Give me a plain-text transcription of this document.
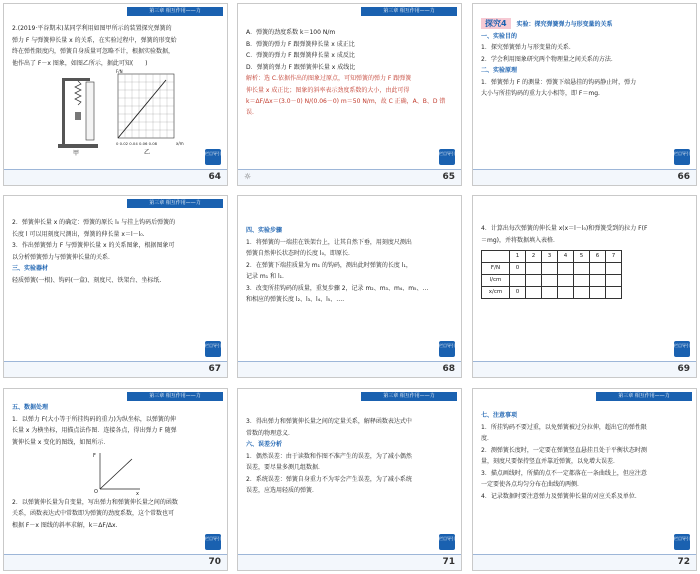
第三章 相互作用——力

2.(2019·平谷期末)某同学利用如图甲所示的装置探究弹簧的

弹力 F 与弹簧伸长量 x 的关系，在实验过程中，弹簧的形变始

终在弹性限度内，弹簧自身质量可忽略不计，根据实验数据，

他作出了 F－x 图象，如图乙所示，据此可知(　　)

甲
F/N
0 0.02 0.04 0.06 0.08	x/m
乙	栏目导引
64
第三章 相互作用——力

A．弹簧的劲度系数 k＝100 N/m

B．弹簧的弹力 F 跟弹簧伸长量 x 成正比

C．弹簧的弹力 F 跟弹簧伸长量 x 成反比

D．弹簧的弹力 F 跟弹簧伸长量 x 成线比

解析：选 C.依据作出的图象过原点，可知弹簧的弹力 F 跟弹簧

伸长量 x 成正比；图象的斜率表示劲度系数的大小，由此可得

k＝ΔF/Δx＝(3.0－0) N/(0.06－0) m＝50 N/m，故 C 正确，A、B、D 错误.

栏目导引
☼	65

探究4 实验：探究弹簧弹力与形变量的关系

一、实验目的

1．探究弹簧弹力与形变量的关系．

2．学会利用图象研究两个物理量之间关系的方法．

二、实验原理

1．弹簧弹力 F 的测量：弹簧下端悬挂的钩码静止时，弹力

大小与所挂钩码的重力大小相等，即 F＝mg.

栏目导引
66
第三章 相互作用——力

2．弹簧伸长量 x 的确定：弹簧的原长 l₀ 与挂上钩码后弹簧的

长度 l 可以用刻度尺测出，弹簧的伸长量 x＝l－l₀.

3．作出弹簧弹力 F 与弹簧伸长量 x 的关系图象，根据图象可

以分析弹簧弹力与弹簧伸长量的关系．

三、实验器材

轻质弹簧(一根)、钩码(一盒)、刻度尺、铁架台、坐标纸.

栏目导引
67

四、实验步骤

1．将弹簧的一端挂在铁架台上，让其自然下垂，用刻度尺测出

弹簧自然伸长状态时的长度 l₀，即原长．

2．在弹簧下端挂质量为 m₁ 的钩码，测出此时弹簧的长度 l₁，

记录 m₁ 和 l₁.

3．改变所挂钩码的质量，重复步骤 2，记录 m₂、m₃、m₄、m₅、…

和相应的弹簧长度 l₂、l₃、l₄、l₅、….

栏目导引
68

4．计算出每次弹簧的伸长量 x(x＝l－l₀)和弹簧受到的拉力 F(F

＝mg)，并将数据填入表格．

	1	2	3	4	5	6	7
F/N	0						
l/cm							
x/cm	0						
栏目导引
69
第三章 相互作用——力

五、数据处理

1．以弹力 F(大小等于所挂钩码的重力)为纵坐标，以弹簧的伸

长量 x 为横坐标，用描点法作图．连接各点，得出弹力 F 随弹

簧伸长量 x 变化的图线，如图所示．

F
x
O

2．以弹簧伸长量为自变量，写出弹力和弹簧伸长量之间的函数

关系，函数表达式中常数即为弹簧的劲度系数，这个常数也可

根据 F－x 图线的斜率求解，k＝ΔF/Δx.

栏目导引
70
第三章 相互作用——力

3．得出弹力和弹簧伸长量之间的定量关系，解释函数表达式中

常数的物理意义．

六、误差分析

1．偶然误差：由于读数和作图不准产生的误差，为了减小偶然

误差，要尽量多测几组数据．

2．系统误差：弹簧自身重力不为零会产生误差，为了减小系统

误差，应选用轻质的弹簧．

栏目导引
71
第三章 相互作用——力

七、注意事项

1．所挂钩码不要过重，以免弹簧被过分拉伸，超出它的弹性限

度．

2．测弹簧长度时，一定要在弹簧竖直悬挂且处于平衡状态时测

量，刻度尺要保持竖直并靠近弹簧，以免增大误差．

3．描点画线时，所描的点不一定都落在一条曲线上，但应注意

一定要使各点均匀分布在曲线的两侧．

4．记录数据时要注意弹力及弹簧伸长量的对应关系及单位．

栏目导引
72
